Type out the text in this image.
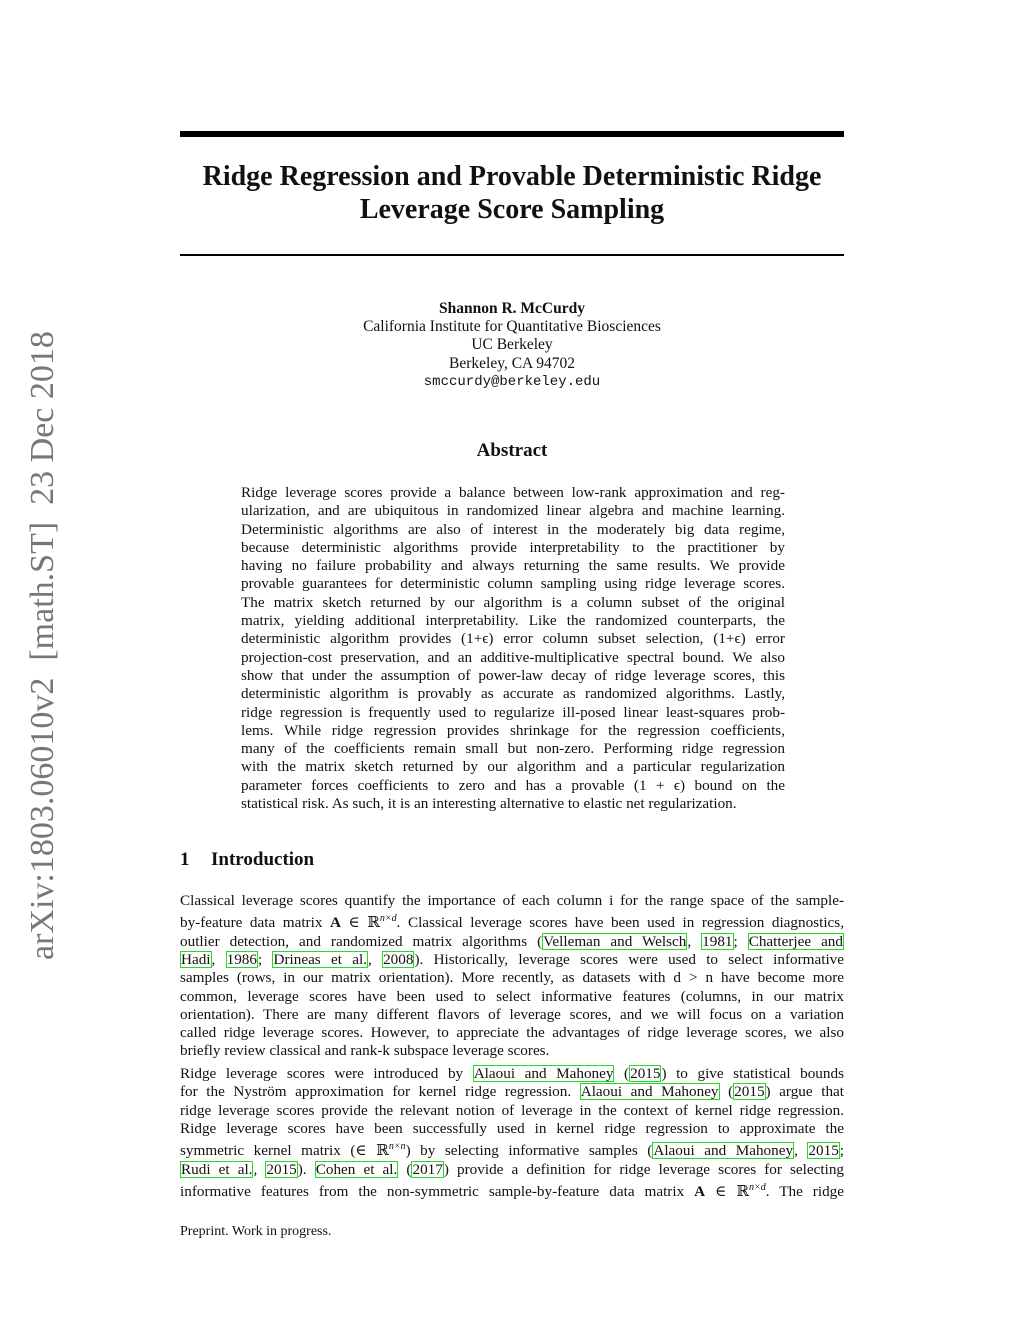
arXiv:1803.06010v2  [math.ST]  23 Dec 2018
Ridge Regression and Provable Deterministic Ridge
Leverage Score Sampling
Shannon R. McCurdy
California Institute for Quantitative Biosciences
UC Berkeley
Berkeley, CA 94702
smccurdy@berkeley.edu
Abstract
Ridge leverage scores provide a balance between low-rank approximation and reg-
ularization, and are ubiquitous in randomized linear algebra and machine learning.
Deterministic algorithms are also of interest in the moderately big data regime,
because deterministic algorithms provide interpretability to the practitioner by
having no failure probability and always returning the same results. We provide
provable guarantees for deterministic column sampling using ridge leverage scores.
The matrix sketch returned by our algorithm is a column subset of the original
matrix, yielding additional interpretability. Like the randomized counterparts, the
deterministic algorithm provides (1+ϵ) error column subset selection, (1+ϵ) error
projection-cost preservation, and an additive-multiplicative spectral bound. We also
show that under the assumption of power-law decay of ridge leverage scores, this
deterministic algorithm is provably as accurate as randomized algorithms. Lastly,
ridge regression is frequently used to regularize ill-posed linear least-squares prob-
lems. While ridge regression provides shrinkage for the regression coefficients,
many of the coefficients remain small but non-zero. Performing ridge regression
with the matrix sketch returned by our algorithm and a particular regularization
parameter forces coefficients to zero and has a provable (1 + ϵ) bound on the
statistical risk. As such, it is an interesting alternative to elastic net regularization.
1 Introduction
Classical leverage scores quantify the importance of each column i for the range space of the sample-
by-feature data matrix A ∈ ℝ$^{n\times d}$. Classical leverage scores have been used in regression diagnostics,
outlier detection, and randomized matrix algorithms (Velleman and Welsch, 1981; Chatterjee and
Hadi, 1986; Drineas et al., 2008). Historically, leverage scores were used to select informative
samples (rows, in our matrix orientation). More recently, as datasets with d > n have become more
common, leverage scores have been used to select informative features (columns, in our matrix
orientation). There are many different flavors of leverage scores, and we will focus on a variation
called ridge leverage scores. However, to appreciate the advantages of ridge leverage scores, we also
briefly review classical and rank-k subspace leverage scores.
Ridge leverage scores were introduced by Alaoui and Mahoney (2015) to give statistical bounds
for the Nyström approximation for kernel ridge regression. Alaoui and Mahoney (2015) argue that
ridge leverage scores provide the relevant notion of leverage in the context of kernel ridge regression.
Ridge leverage scores have been successfully used in kernel ridge regression to approximate the
symmetric kernel matrix (∈ ℝ$^{n\times n}$) by selecting informative samples (Alaoui and Mahoney, 2015;
Rudi et al., 2015). Cohen et al. (2017) provide a definition for ridge leverage scores for selecting
informative features from the non-symmetric sample-by-feature data matrix A ∈ ℝ$^{n\times d}$. The ridge
Preprint. Work in progress.
